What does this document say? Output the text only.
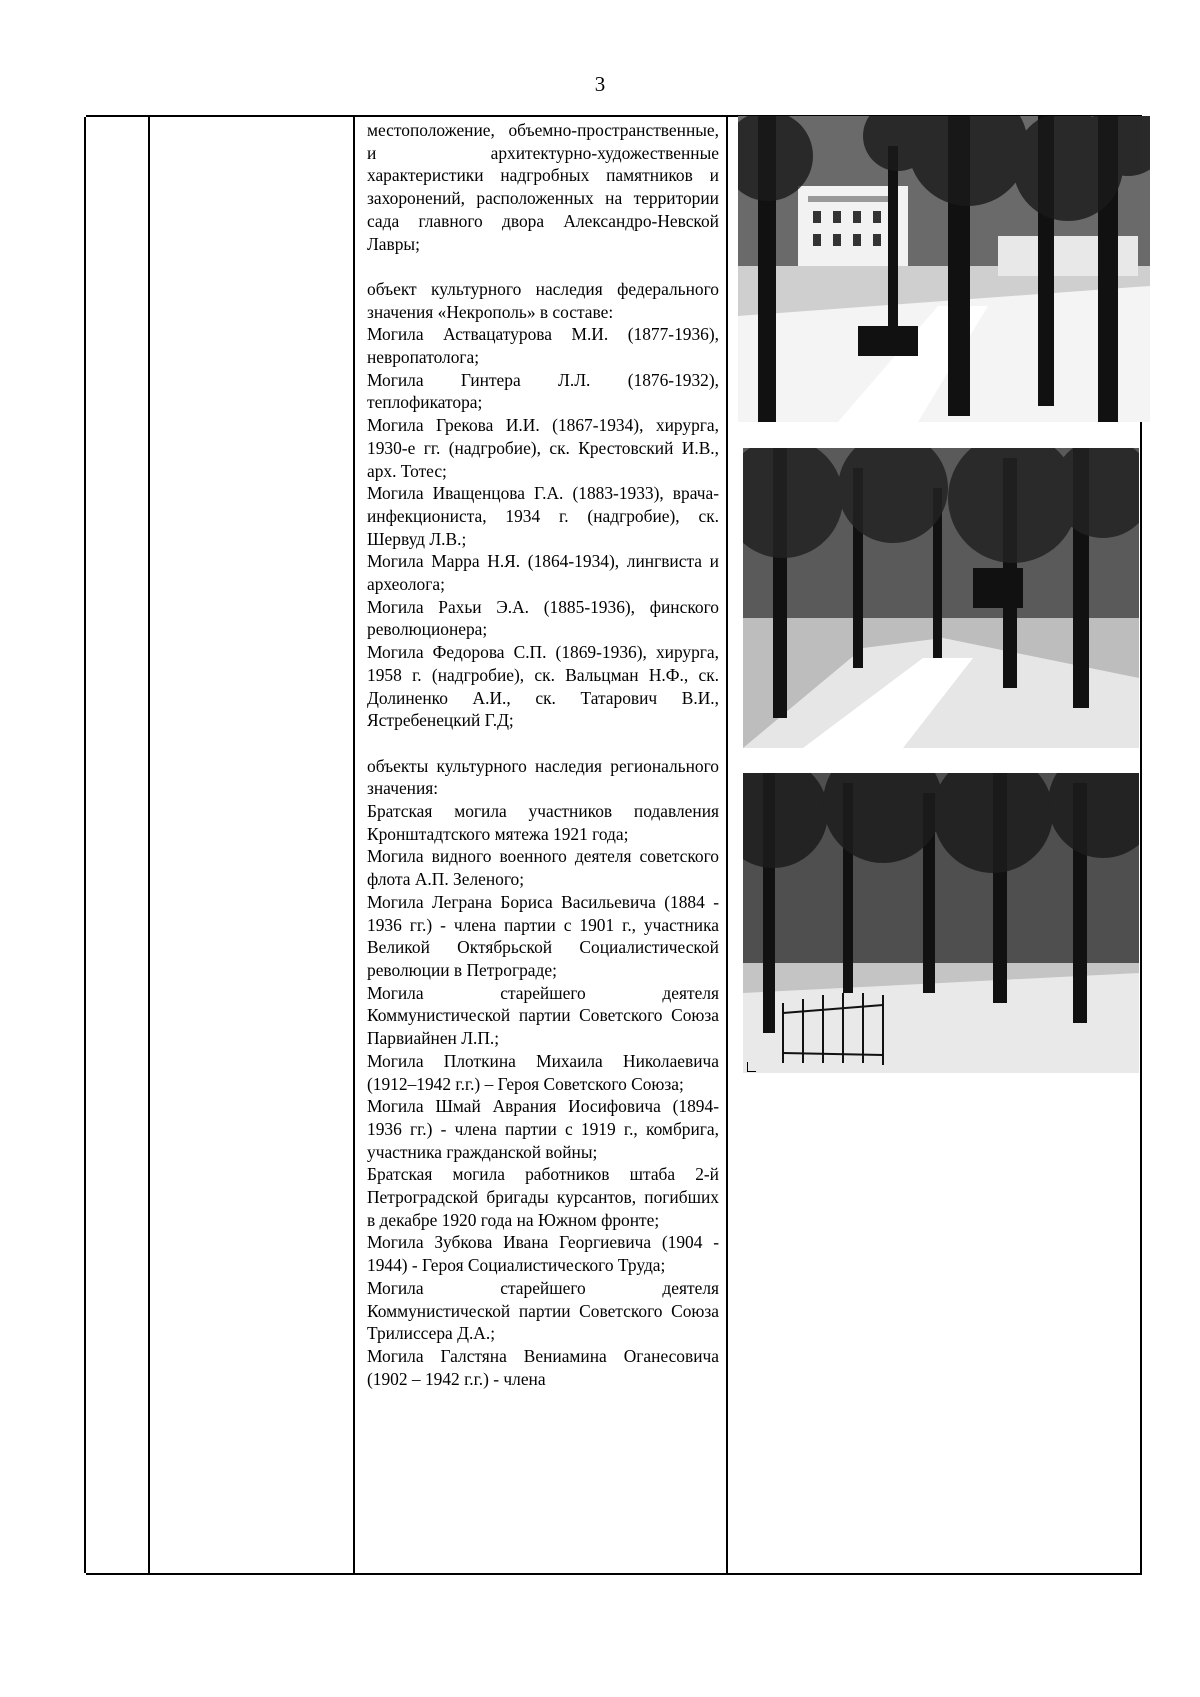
3

местоположение, объемно-пространственные, и архитектурно-художественные характеристики надгробных памятников и захоронений, расположенных на территории сада главного двора Александро-Невской Лавры;

объект культурного наследия федерального значения «Некрополь» в составе:

Могила Аствацатурова М.И. (1877-1936), невропатолога;

Могила Гинтера Л.Л. (1876-1932), теплофикатора;

Могила Грекова И.И. (1867-1934), хирурга, 1930-е гг. (надгробие), ск. Крестовский И.В., арх. Тотес;

Могила Иващенцова Г.А. (1883-1933), врача-инфекциониста, 1934 г. (надгробие), ск. Шервуд Л.В.;

Могила Марра Н.Я. (1864-1934), лингвиста и археолога;

Могила Рахьи Э.А. (1885-1936), финского революционера;

Могила Федорова С.П. (1869-1936), хирурга, 1958 г. (надгробие), ск. Вальцман Н.Ф., ск. Долиненко А.И., ск. Татарович В.И., Ястребенецкий Г.Д;

объекты культурного наследия регионального значения:

Братская могила участников подавления Кронштадтского мятежа 1921 года;

Могила видного военного деятеля советского флота А.П. Зеленого;

Могила Леграна Бориса Васильевича (1884 - 1936 гг.) - члена партии с 1901 г., участника Великой Октябрьской Социалистической революции в Петрограде;

Могила старейшего деятеля Коммунистической партии Советского Союза Парвиайнен Л.П.;

Могила Плоткина Михаила Николаевича (1912–1942 г.г.) – Героя Советского Союза;

Могила Шмай Аврания Иосифовича (1894-1936 гг.) - члена партии с 1919 г., комбрига, участника гражданской войны;

Братская могила работников штаба 2-й Петроградской бригады курсантов, погибших в декабре 1920 года на Южном фронте;

Могила Зубкова Ивана Георгиевича (1904 - 1944) - Героя Социалистического Труда;

Могила старейшего деятеля Коммунистической партии Советского Союза Трилиссера Д.А.;

Могила Галстяна Вениамина Оганесовича (1902 – 1942 г.г.) - члена
